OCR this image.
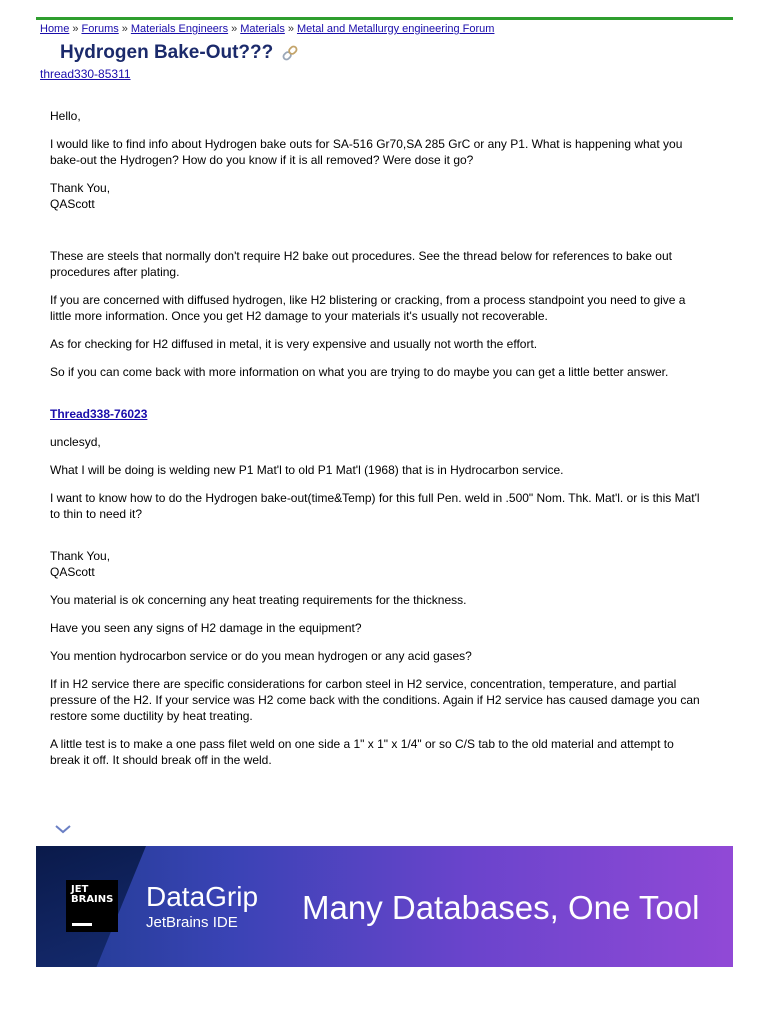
Home » Forums » Materials Engineers » Materials » Metal and Metallurgy engineering Forum
Hydrogen Bake-Out???
thread330-85311

Hello,

I would like to find info about Hydrogen bake outs for SA-516 Gr70,SA 285 GrC or any P1. What is happening what you bake-out the Hydrogen? How do you know if it is all removed? Were dose it go?

Thank You,
QAScott

These are steels that normally don't require H2 bake out procedures. See the thread below for references to bake out procedures after plating.

If you are concerned with diffused hydrogen, like H2 blistering or cracking, from a process standpoint you need to give a little more information. Once you get H2 damage to your materials it's usually not recoverable.

As for checking for H2 diffused in metal, it is very expensive and usually not worth the effort.

So if you can come back with more information on what you are trying to do maybe you can get a little better answer.

Thread338-76023

unclesyd,

What I will be doing is welding new P1 Mat'l to old P1 Mat'l (1968) that is in Hydrocarbon service.

I want to know how to do the Hydrogen bake-out(time&Temp) for this full Pen. weld in .500" Nom. Thk. Mat'l. or is this Mat'l to thin to need it?

Thank You,
QAScott

You material is ok concerning any heat treating requirements for the thickness.

Have you seen any signs of H2 damage in the equipment?

You mention hydrocarbon service or do you mean hydrogen or any acid gases?

If in H2 service there are specific considerations for carbon steel in H2 service, concentration, temperature, and partial pressure of the H2. If your service was H2 come back with the conditions. Again if H2 service has caused damage you can restore some ductility by heat treating.

A little test is to make a one pass filet weld on one side a 1" x 1" x 1/4" or so C/S tab to the old material and attempt to break it off. It should break off in the weld.

JET
BRAINS DataGrip
JetBrains IDE Many Databases, One Tool
